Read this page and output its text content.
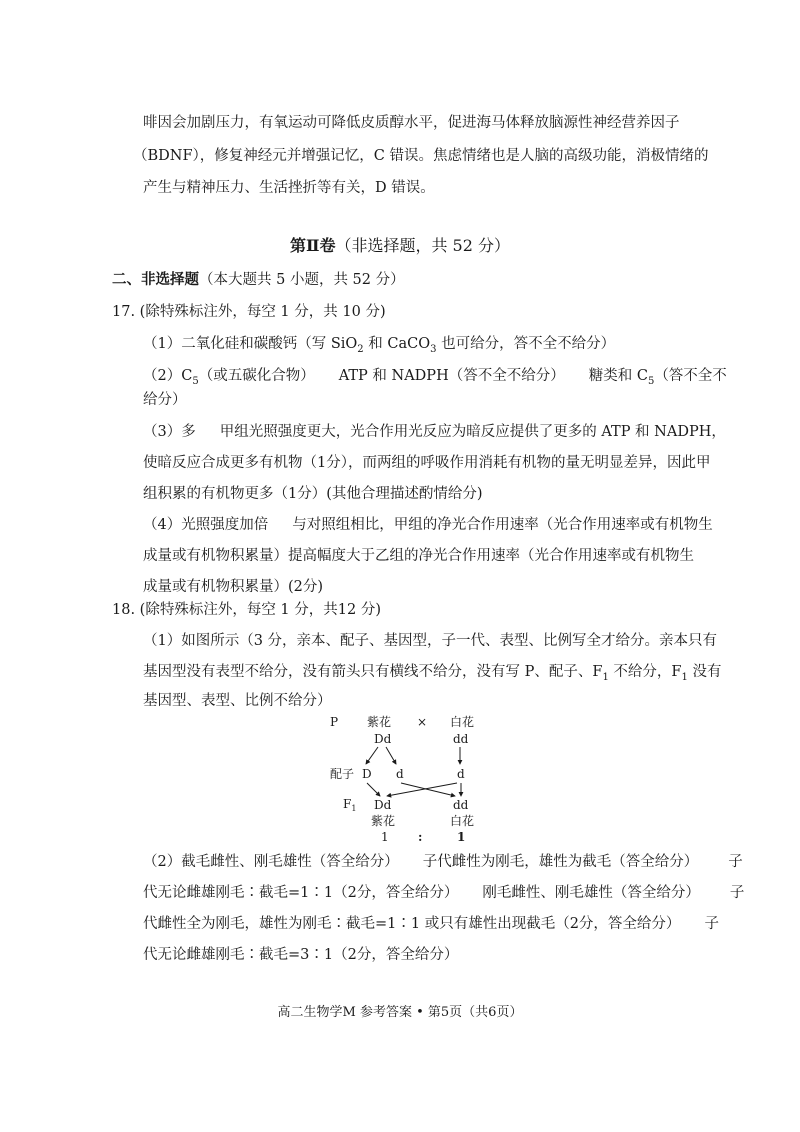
啡因会加剧压力，有氧运动可降低皮质醇水平，促进海马体释放脑源性神经营养因子
（BDNF），修复神经元并增强记忆，C 错误。焦虑情绪也是人脑的高级功能，消极情绪的
产生与精神压力、生活挫折等有关，D 错误。
第Ⅱ卷（非选择题，共 52 分）
二、非选择题（本大题共 5 小题，共 52 分）
17. (除特殊标注外，每空 1 分，共 10 分)
（1）二氧化硅和碳酸钙（写 SiO$_2$ 和 CaCO$_3$ 也可给分，答不全不给分）
$(2)C_5$（或五碳化合物） ATP 和 NADPH（答不全不给分） 糖类和 $C_5$（答不全不
给分）
（3）多 甲组光照强度更大，光合作用光反应为暗反应提供了更多的 ATP 和 NADPH，
使暗反应合成更多有机物（1分），而两组的呼吸作用消耗有机物的量无明显差异，因此甲
组积累的有机物更多（1分）(其他合理描述酌情给分)
（4）光照强度加倍 与对照组相比，甲组的净光合作用速率（光合作用速率或有机物生
成量或有机物积累量）提高幅度大于乙组的净光合作用速率（光合作用速率或有机物生
成量或有机物积累量）(2分)
18. (除特殊标注外，每空 1 分，共12 分)
（1）如图所示（3 分，亲本、配子、基因型，子一代、表型、比例写全才给分。亲本只有
基因型没有表型不给分，没有箭头只有横线不给分，没有写 P、配子、$F_1$ 不给分，$F_1$ 没有
基因型、表型、比例不给分）
P 紫花 × 白花
Dd	dd
配子 D d	d
$F_1$ Dd	dd
紫花	白花
1 :	1
（2）截毛雌性、刚毛雄性（答全给分） 子代雌性为刚毛，雄性为截毛（答全给分） 子
代无论雌雄刚毛∶截毛=1∶1（2分，答全给分） 刚毛雌性、刚毛雄性（答全给分） 子
代雌性全为刚毛，雄性为刚毛∶截毛=1∶1 或只有雄性出现截毛（2分，答全给分） 子
代无论雌雄刚毛∶截毛=3∶1（2分，答全给分）
高二生物学M 参考答案 • 第5页（共6页）
